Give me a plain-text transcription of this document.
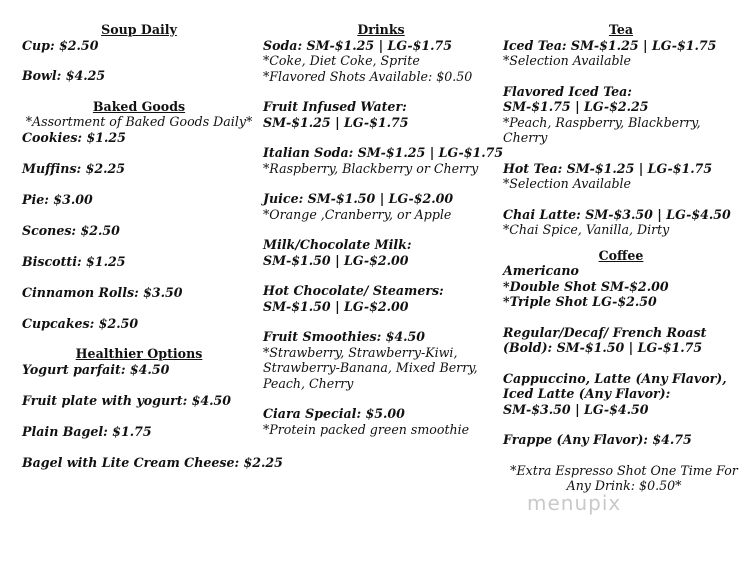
Soup Daily
Cup: $2.50
Bowl: $4.25
Baked Goods
*Assortment of Baked Goods Daily*
Cookies: $1.25
Muffins: $2.25
Pie: $3.00
Scones: $2.50
Biscotti: $1.25
Cinnamon Rolls: $3.50
Cupcakes: $2.50
Healthier Options
Yogurt parfait: $4.50
Fruit plate with yogurt: $4.50
Plain Bagel: $1.75
Bagel with Lite Cream Cheese: $2.25
Drinks
Soda: SM-$1.25 | LG-$1.75
*Coke, Diet Coke, Sprite
*Flavored Shots Available: $0.50
Fruit Infused Water:
SM-$1.25 | LG-$1.75
Italian Soda: SM-$1.25 | LG-$1.75
*Raspberry, Blackberry or Cherry
Juice: SM-$1.50 | LG-$2.00
*Orange ,Cranberry, or Apple
Milk/Chocolate Milk:
SM-$1.50 | LG-$2.00
Hot Chocolate/ Steamers:
SM-$1.50 | LG-$2.00
Fruit Smoothies: $4.50
*Strawberry, Strawberry-Kiwi,
Strawberry-Banana, Mixed Berry,
Peach, Cherry
Ciara Special: $5.00
*Protein packed green smoothie
Tea
Iced Tea: SM-$1.25 | LG-$1.75
*Selection Available
Flavored Iced Tea:
SM-$1.75 | LG-$2.25
*Peach, Raspberry, Blackberry,
Cherry
Hot Tea: SM-$1.25 | LG-$1.75
*Selection Available
Chai Latte: SM-$3.50 | LG-$4.50
*Chai Spice, Vanilla, Dirty
Coffee
Americano
*Double Shot SM-$2.00
*Triple Shot LG-$2.50
Regular/Decaf/ French Roast
(Bold): SM-$1.50 | LG-$1.75
Cappuccino, Latte (Any Flavor),
Iced Latte (Any Flavor):
SM-$3.50 | LG-$4.50
Frappe (Any Flavor): $4.75
*Extra Espresso Shot One Time For
Any Drink: $0.50*
menupix
